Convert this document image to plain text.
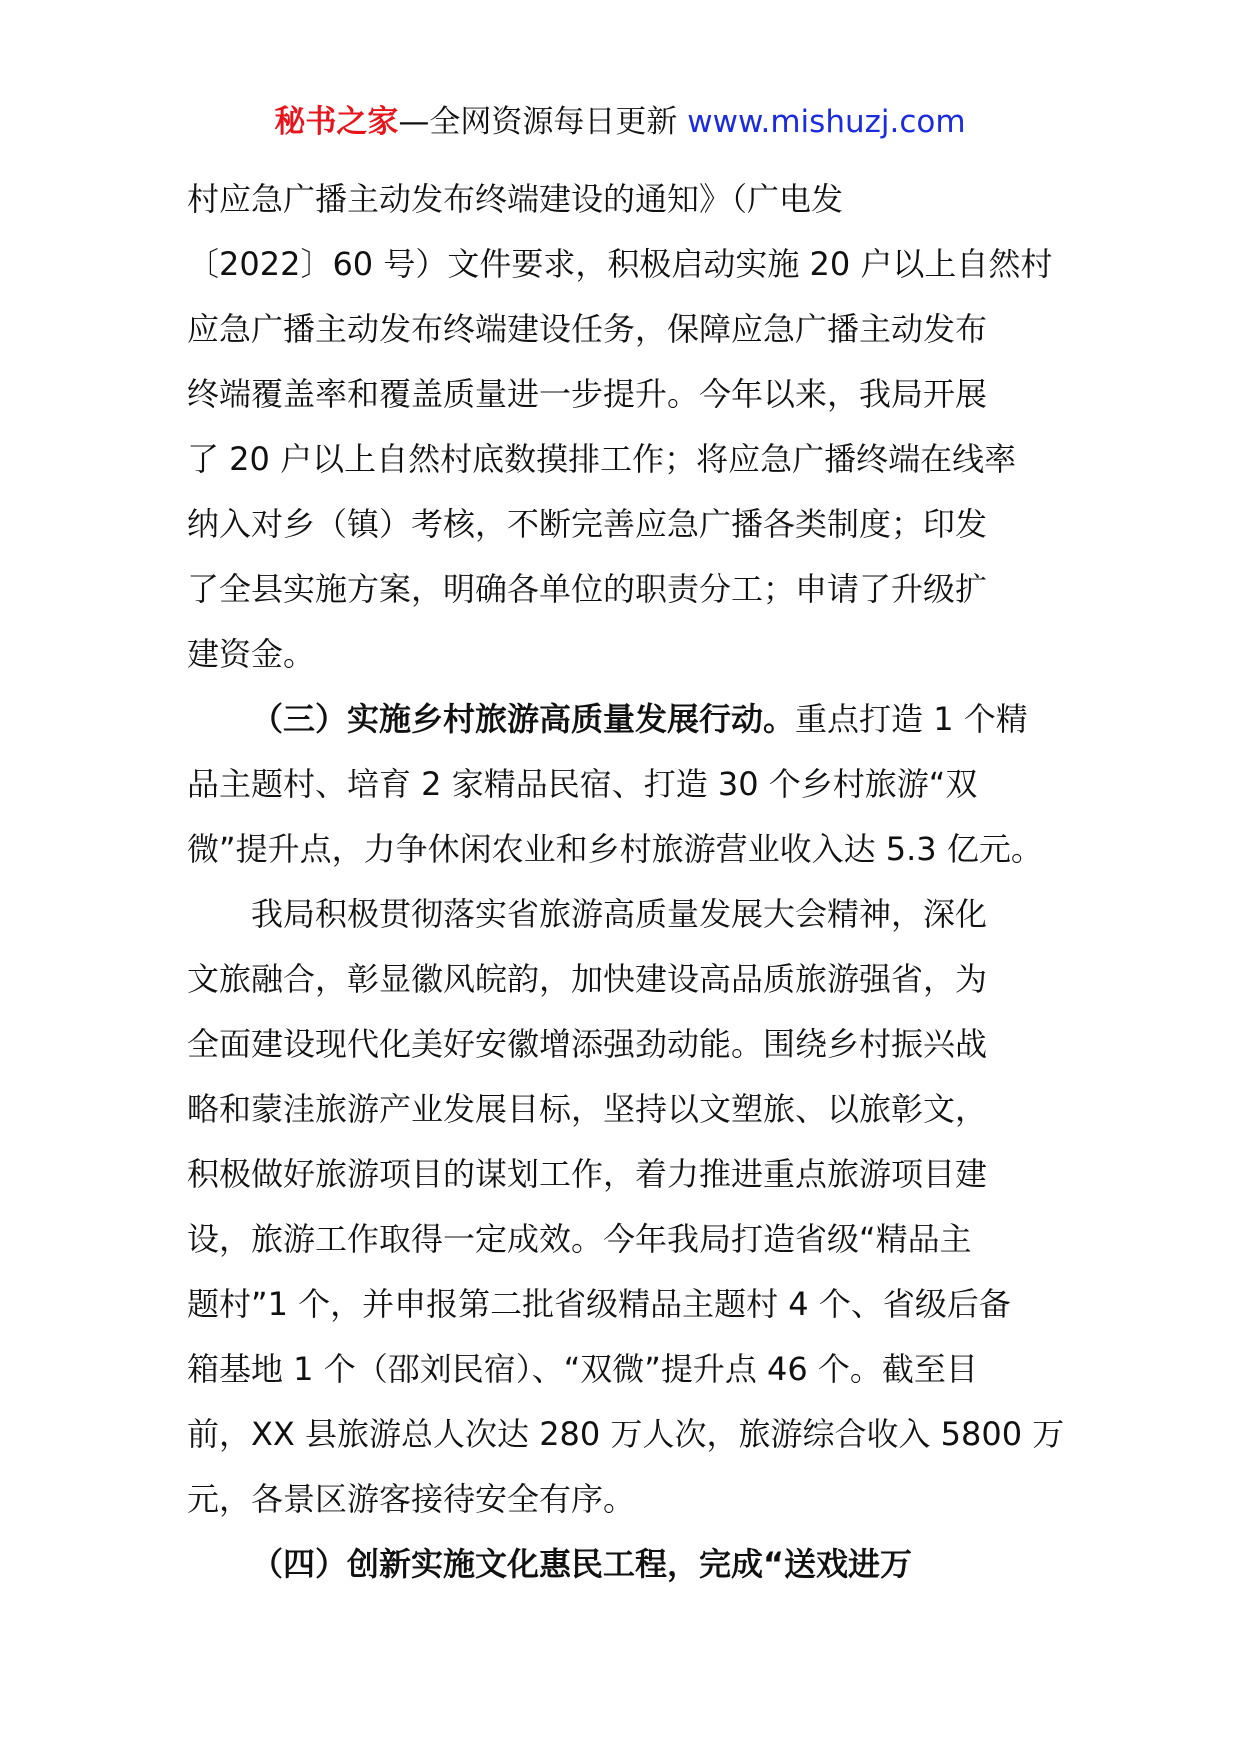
秘书之家—全网资源每日更新 www.mishuzj.com
村应急广播主动发布终端建设的通知》（广电发
〔2022〕60 号）文件要求，积极启动实施 20 户以上自然村
应急广播主动发布终端建设任务，保障应急广播主动发布
终端覆盖率和覆盖质量进一步提升。今年以来，我局开展
了 20 户以上自然村底数摸排工作；将应急广播终端在线率
纳入对乡（镇）考核，不断完善应急广播各类制度；印发
了全县实施方案，明确各单位的职责分工；申请了升级扩
建资金。
（三）实施乡村旅游高质量发展行动。重点打造 1 个精
品主题村、培育 2 家精品民宿、打造 30 个乡村旅游“双
微”提升点，力争休闲农业和乡村旅游营业收入达 5.3 亿元。
我局积极贯彻落实省旅游高质量发展大会精神，深化
文旅融合，彰显徽风皖韵，加快建设高品质旅游强省，为
全面建设现代化美好安徽增添强劲动能。围绕乡村振兴战
略和蒙洼旅游产业发展目标，坚持以文塑旅、以旅彰文，
积极做好旅游项目的谋划工作，着力推进重点旅游项目建
设，旅游工作取得一定成效。今年我局打造省级“精品主
题村”1 个，并申报第二批省级精品主题村 4 个、省级后备
箱基地 1 个（邵刘民宿）、“双微”提升点 46 个。截至目
前，XX 县旅游总人次达 280 万人次，旅游综合收入 5800 万
元，各景区游客接待安全有序。
（四）创新实施文化惠民工程，完成“送戏进万
